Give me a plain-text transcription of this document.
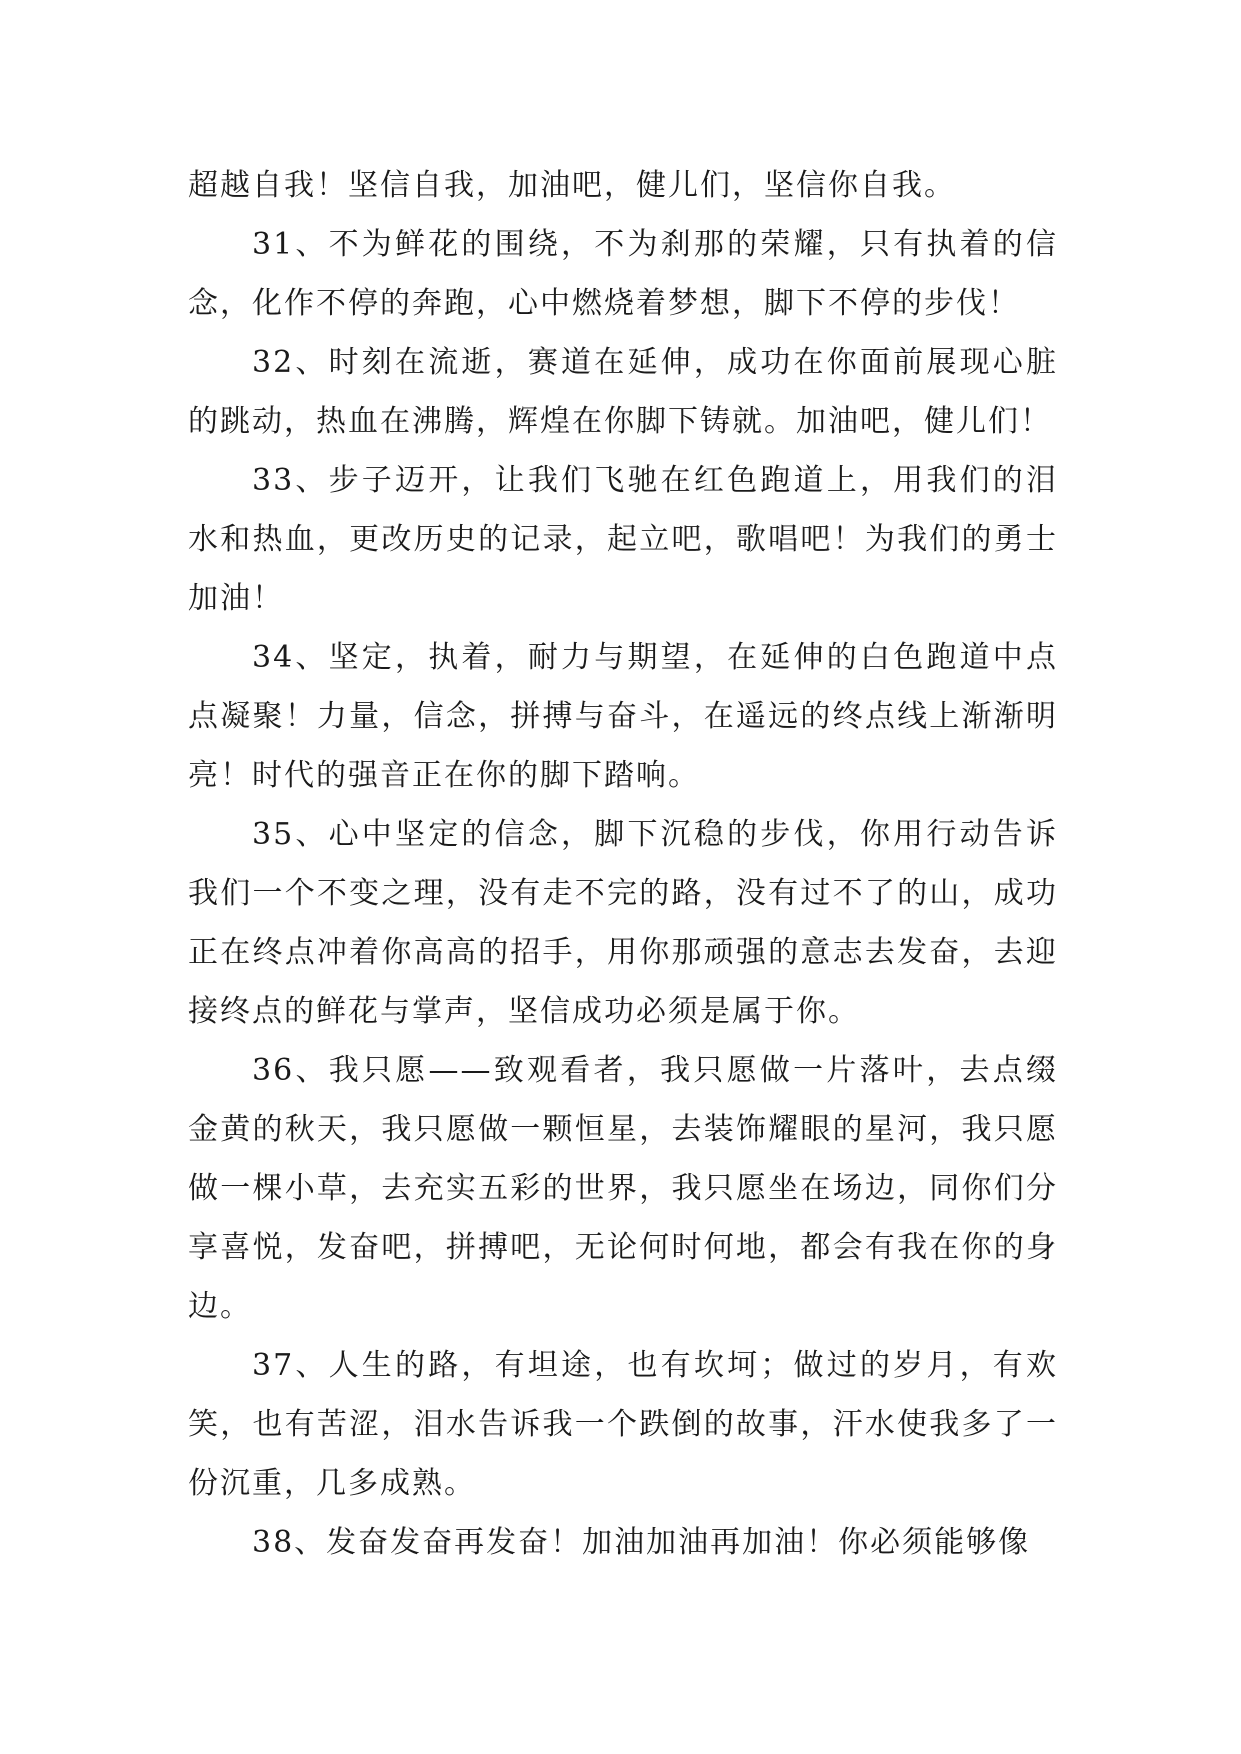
超越自我！坚信自我，加油吧，健儿们，坚信你自我。

31、不为鲜花的围绕，不为刹那的荣耀，只有执着的信念，化作不停的奔跑，心中燃烧着梦想，脚下不停的步伐！

32、时刻在流逝，赛道在延伸，成功在你面前展现心脏的跳动，热血在沸腾，辉煌在你脚下铸就。加油吧，健儿们！

33、步子迈开，让我们飞驰在红色跑道上，用我们的泪水和热血，更改历史的记录，起立吧，歌唱吧！为我们的勇士加油！

34、坚定，执着，耐力与期望，在延伸的白色跑道中点点凝聚！力量，信念，拼搏与奋斗，在遥远的终点线上渐渐明亮！时代的强音正在你的脚下踏响。

35、心中坚定的信念，脚下沉稳的步伐，你用行动告诉我们一个不变之理，没有走不完的路，没有过不了的山，成功正在终点冲着你高高的招手，用你那顽强的意志去发奋，去迎接终点的鲜花与掌声，坚信成功必须是属于你。

36、我只愿——致观看者，我只愿做一片落叶，去点缀金黄的秋天，我只愿做一颗恒星，去装饰耀眼的星河，我只愿做一棵小草，去充实五彩的世界，我只愿坐在场边，同你们分享喜悦，发奋吧，拼搏吧，无论何时何地，都会有我在你的身边。

37、人生的路，有坦途，也有坎坷；做过的岁月，有欢笑，也有苦涩，泪水告诉我一个跌倒的故事，汗水使我多了一份沉重，几多成熟。

38、发奋发奋再发奋！加油加油再加油！你必须能够像
